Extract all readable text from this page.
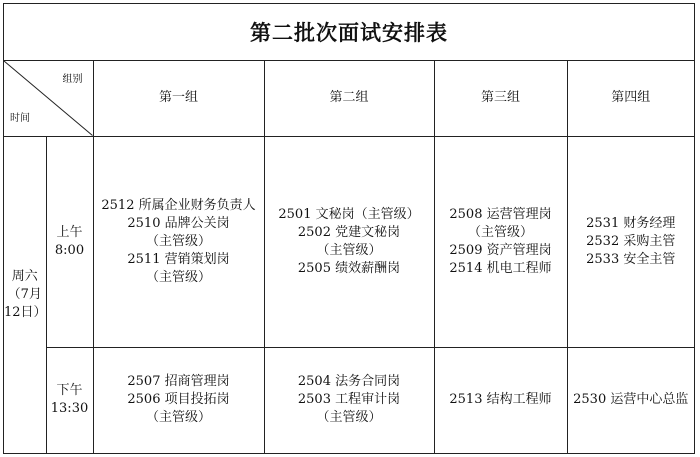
第二批次面试安排表
组别
时间		第一组	第二组	第三组	第四组

周六
（7月
12日）	上午
8:00	2512 所属企业财务负责人
2510 品牌公关岗
（主管级）
2511 营销策划岗
（主管级）	2501 文秘岗（主管级）
2502 党建文秘岗
（主管级）
2505 绩效薪酬岗	2508 运营管理岗
（主管级）
2509 资产管理岗
2514 机电工程师	2531 财务经理
2532 采购主管
2533 安全主管

	下午
13:30	2507 招商管理岗
2506 项目投拓岗
（主管级）	2504 法务合同岗
2503 工程审计岗
（主管级）	2513 结构工程师	2530 运营中心总监
